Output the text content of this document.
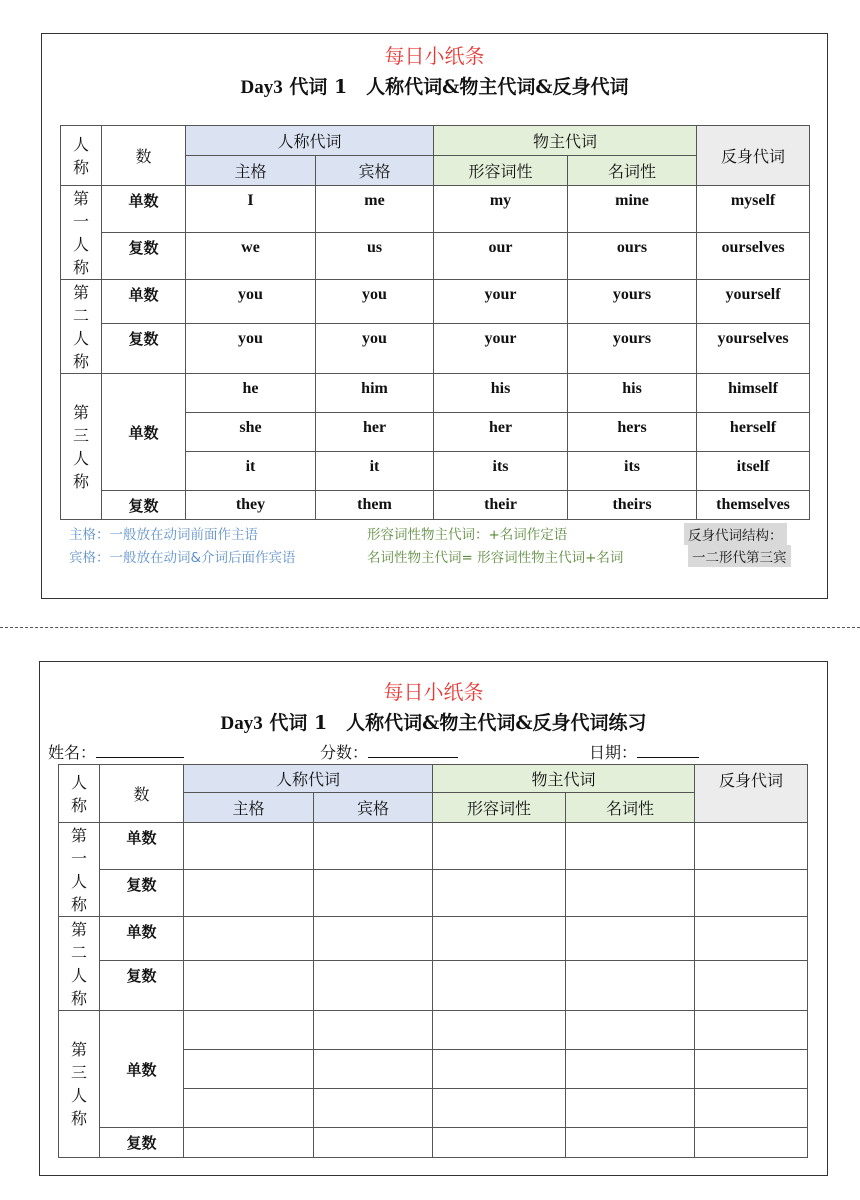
每日小纸条
Day3 代词 1　人称代词&物主代词&反身代词
人称	数	人称代词		物主代词		反身代词
		主格	宾格	形容词性	名词性	
第一人称	单数	I	me	my	mine	myself
	复数	we	us	our	ours	ourselves
第二人称	单数	you	you	your	yours	yourself
	复数	you	you	your	yours	yourselves
第三人称	单数	he	him	his	his	himself
		she	her	her	hers	herself
		it	it	its	its	itself
	复数	they	them	their	theirs	themselves
主格：一般放在动词前面作主语
宾格：一般放在动词&介词后面作宾语
形容词性物主代词：+名词作定语
名词性物主代词= 形容词性物主代词+名词
反身代词结构：
一二形代第三宾
每日小纸条
Day3 代词 1　人称代词&物主代词&反身代词练习
姓名：	分数：	日期：
人称	数	人称代词		物主代词		反身代词
		主格	宾格	形容词性	名词性	
第一人称	单数					
	复数					
第二人称	单数					
	复数					
第三人称	单数					

	复数					
